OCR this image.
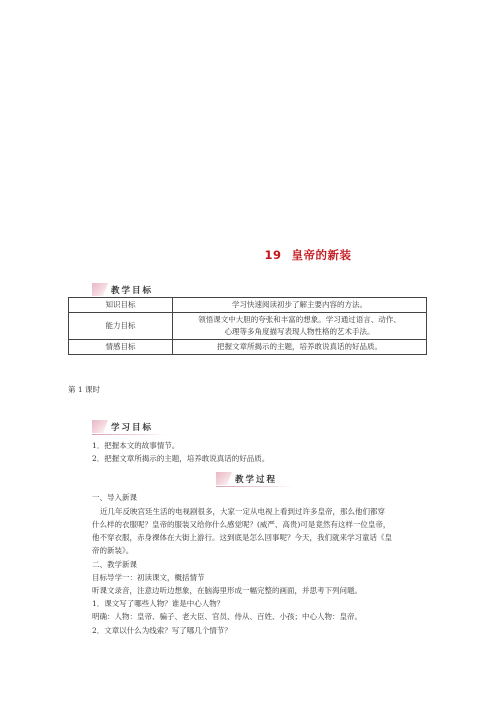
19 皇帝的新装
教学目标
知识目标	学习快速阅读初步了解主要内容的方法。
能力目标	领悟课文中大胆的夸张和丰富的想象。学习通过语言、动作、
心理等多角度描写表现人物性格的艺术手法。

情感目标	把握文章所揭示的主题，培养敢说真话的好品质。
第 1 课时
学习目标
1．把握本文的故事情节。
2．把握文章所揭示的主题，培养敢说真话的好品质。
教学过程
一、导入新课
近几年反映宫廷生活的电视剧很多，大家一定从电视上看到过许多皇帝，那么他们都穿
什么样的衣服呢？皇帝的服装又给你什么感觉呢？(威严、高贵)可是竟然有这样一位皇帝，
他不穿衣服，赤身裸体在大街上游行。这到底是怎么回事呢？今天，我们就来学习童话《皇
帝的新装》。
二、教学新课
目标导学一：初读课文，概括情节
听课文录音，注意边听边想象，在脑海里形成一幅完整的画面，并思考下列问题。
1．课文写了哪些人物？谁是中心人物？
明确：人物：皇帝、骗子、老大臣、官员、侍从、百姓、小孩；中心人物：皇帝。
2．文章以什么为线索？写了哪几个情节？
